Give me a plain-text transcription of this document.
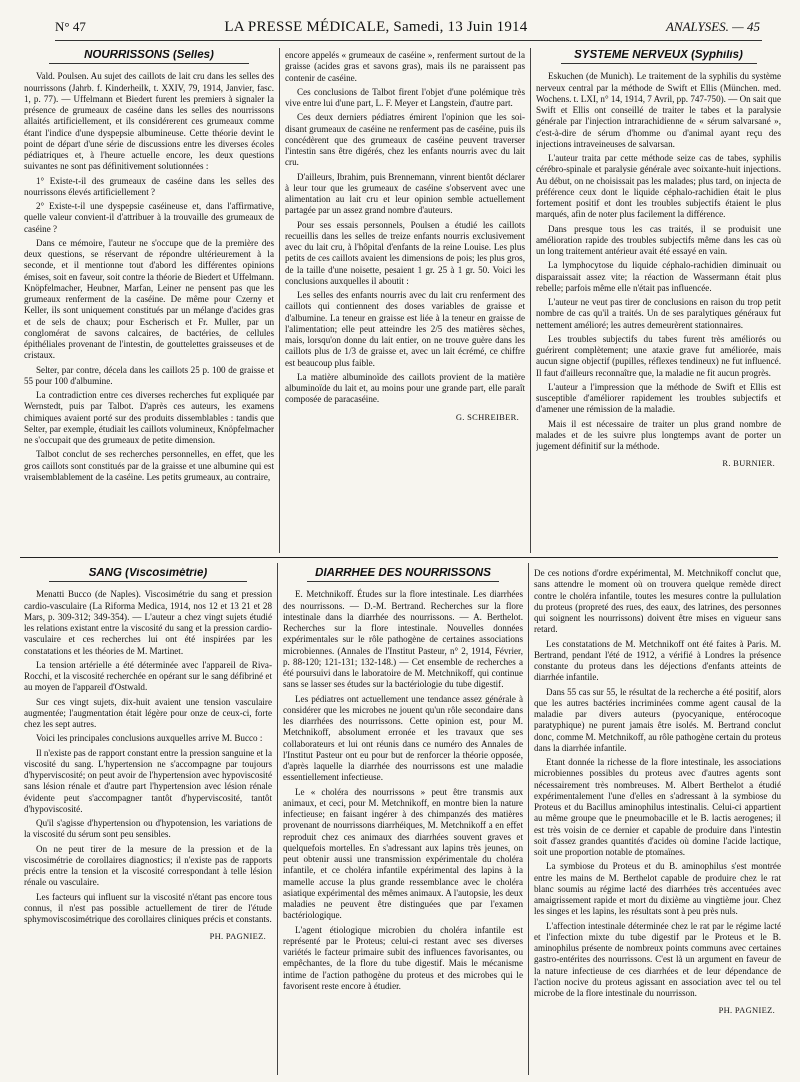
N° 47	LA PRESSE MÉDICALE, Samedi, 13 Juin 1914	ANALYSES. — 45
NOURRISSONS (Selles)

Vald. Poulsen. Au sujet des caillots de lait cru dans les selles des nourrissons (Jahrb. f. Kinderheilk, t. XXIV, 79, 1914, Janvier, fasc. 1, p. 77). — Uffelmann et Biedert furent les premiers à signaler la présence de grumeaux de caséine dans les selles des nourrissons allaités artificiellement, et ils considérerent ces grumeaux comme étant l'indice d'une dyspepsie albumineuse. Cette théorie devint le point de départ d'une série de discussions entre les diverses écoles pédiatriques et, à l'heure actuelle encore, les deux questions suivantes ne sont pas définitivement solutionnées :

1° Existe-t-il des grumeaux de caséine dans les selles des nourrissons élevés artificiellement ?

2° Existe-t-il une dyspepsie caséineuse et, dans l'affirmative, quelle valeur convient-il d'attribuer à la trouvaille des grumeaux de caséine ?

Dans ce mémoire, l'auteur ne s'occupe que de la première des deux questions, se réservant de répondre ultérieurement à la seconde, et il mentionne tout d'abord les différentes opinions émises, soit en faveur, soit contre la théorie de Biedert et Uffelmann. Knöpfelmacher, Heubner, Marfan, Leiner ne pensent pas que les grumeaux renferment de la caséine. De même pour Czerny et Keller, ils sont uniquement constitués par un mélange d'acides gras et de sels de chaux; pour Escherisch et Fr. Muller, par un conglomérat de savons calcaires, de bactéries, de cellules épithéliales provenant de l'intestin, de gouttelettes graisseuses et de cristaux.

Selter, par contre, décela dans les caillots 25 p. 100 de graisse et 55 pour 100 d'albumine.

La contradiction entre ces diverses recherches fut expliquée par Wernstedt, puis par Talbot. D'après ces auteurs, les examens chimiques avaient porté sur des produits dissemblables : tandis que Selter, par exemple, étudiait les caillots volumineux, Knöpfelmacher ne s'occupait que des grumeaux de petite dimension.

Talbot conclut de ses recherches personnelles, en effet, que les gros caillots sont constitués par de la graisse et une albumine qui est vraisemblablement de la caséine. Les petits grumeaux, au contraire,

encore appelés « grumeaux de caséine », renferment surtout de la graisse (acides gras et savons gras), mais ils ne paraissent pas contenir de caséine.

Ces conclusions de Talbot firent l'objet d'une polémique très vive entre lui d'une part, L. F. Meyer et Langstein, d'autre part.

Ces deux derniers pédiatres émirent l'opinion que les soi-disant grumeaux de caséine ne renferment pas de caséine, puis ils concédèrent que des grumeaux de caséine peuvent traverser l'intestin sans être digérés, chez les enfants nourris avec du lait cru.

D'ailleurs, Ibrahim, puis Brennemann, vinrent bientôt déclarer à leur tour que les grumeaux de caséine s'observent avec une alimentation au lait cru et leur opinion semble actuellement partagée par un assez grand nombre d'auteurs.

Pour ses essais personnels, Poulsen a étudié les caillots recueillis dans les selles de treize enfants nourris exclusivement avec du lait cru, à l'hôpital d'enfants de la reine Louise. Les plus petits de ces caillots avaient les dimensions de pois; les plus gros, de la taille d'une noisette, pesaient 1 gr. 25 à 1 gr. 50. Voici les conclusions auxquelles il aboutit :

Les selles des enfants nourris avec du lait cru renferment des caillots qui contiennent des doses variables de graisse et d'albumine. La teneur en graisse est liée à la teneur en graisse de l'alimentation; elle peut atteindre les 2/5 des matières sèches, mais, lorsqu'on donne du lait entier, on ne trouve guère dans les caillots plus de 1/3 de graisse et, avec un lait écrémé, ce chiffre est beaucoup plus faible.

La matière albuminoïde des caillots provient de la matière albuminoïde du lait et, au moins pour une grande part, elle paraît composée de paracaséine.

G. SCHREIBER.
SYSTÈME NERVEUX (Syphilis)

Eskuchen (de Munich). Le traitement de la syphilis du système nerveux central par la méthode de Swift et Ellis (München. med. Wochens. t. LXI, n° 14, 1914, 7 Avril, pp. 747-750). — On sait que Swift et Ellis ont conseillé de traiter le tabes et la paralysie générale par l'injection intrarachidienne de « sérum salvarsané », c'est-à-dire de sérum d'homme ou d'animal ayant reçu des injections intraveineuses de salvarsan.

L'auteur traita par cette méthode seize cas de tabes, syphilis cérébro-spinale et paralysie générale avec soixante-huit injections. Au début, on ne choisissait pas les malades; plus tard, on injecta de préférence ceux dont le liquide céphalo-rachidien était le plus fortement positif et dont les troubles subjectifs étaient le plus marqués, afin de noter plus facilement la différence.

Dans presque tous les cas traités, il se produisit une amélioration rapide des troubles subjectifs même dans les cas où un long traitement antérieur avait été essayé en vain.

La lymphocytose du liquide céphalo-rachidien diminuait ou disparaissait assez vite; la réaction de Wassermann était plus rebelle; parfois même elle n'était pas influencée.

L'auteur ne veut pas tirer de conclusions en raison du trop petit nombre de cas qu'il a traités. Un de ses paralytiques généraux fut nettement amélioré; les autres demeurèrent stationnaires.

Les troubles subjectifs du tabes furent très améliorés ou guérirent complètement; une ataxie grave fut améliorée, mais aucun signe objectif (pupilles, réflexes tendineux) ne fut influencé. Il faut d'ailleurs reconnaître que, la maladie ne fit aucun progrès.

L'auteur a l'impression que la méthode de Swift et Ellis est susceptible d'améliorer rapidement les troubles subjectifs et d'amener une rémission de la maladie.

Mais il est nécessaire de traiter un plus grand nombre de malades et de les suivre plus longtemps avant de porter un jugement définitif sur la méthode.

R. BURNIER.
SANG (Viscosimétrie)

Menatti Bucco (de Naples). Viscosimétrie du sang et pression cardio-vasculaire (La Riforma Medica, 1914, nos 12 et 13 21 et 28 Mars, p. 309-312; 349-354). — L'auteur a chez vingt sujets étudié les relations existant entre la viscosité du sang et la pression cardio-vasculaire et ces recherches lui ont été inspirées par les constatations et les théories de M. Martinet.

La tension artérielle a été déterminée avec l'appareil de Riva-Rocchi, et la viscosité recherchée en opérant sur le sang défibriné et au moyen de l'appareil d'Ostwald.

Sur ces vingt sujets, dix-huit avaient une tension vasculaire augmentée; l'augmentation était légère pour onze de ceux-ci, forte chez les sept autres.

Voici les principales conclusions auxquelles arrive M. Bucco :

Il n'existe pas de rapport constant entre la pression sanguine et la viscosité du sang. L'hypertension ne s'accompagne par toujours d'hyperviscosité; on peut avoir de l'hypertension avec hypoviscosité sans lésion rénale et d'autre part l'hypertension avec lésion rénale évidente peut s'accompagner tantôt d'hyperviscosité, tantôt d'hypoviscosité.

Qu'il s'agisse d'hypertension ou d'hypotension, les variations de la viscosité du sérum sont peu sensibles.

On ne peut tirer de la mesure de la pression et de la viscosimétrie de corollaires diagnostics; il n'existe pas de rapports précis entre la tension et la viscosité correspondant à telle lésion rénale ou vasculaire.

Les facteurs qui influent sur la viscosité n'étant pas encore tous connus, il n'est pas possible actuellement de tirer de l'étude sphymoviscosimétrique des corollaires cliniques précis et constants.

PH. PAGNIEZ.
DIARRHÉE DES NOURRISSONS

E. Metchnikoff. Études sur la flore intestinale. Les diarrhées des nourrissons. — D.-M. Bertrand. Recherches sur la flore intestinale dans la diarrhée des nourrissons. — A. Berthelot. Recherches sur la flore intestinale. Nouvelles données expérimentales sur le rôle pathogène de certaines associations microbiennes. (Annales de l'Institut Pasteur, n° 2, 1914, Février, p. 88-120; 121-131; 132-148.) — Cet ensemble de recherches a été poursuivi dans le laboratoire de M. Metchnikoff, qui continue sans se lasser ses études sur la bactériologie du tube digestif.

Les pédiatres ont actuellement une tendance assez générale à considérer que les microbes ne jouent qu'un rôle secondaire dans les diarrhées des nourrissons. Cette opinion est, pour M. Metchnikoff, absolument erronée et les travaux que ses collaborateurs et lui ont réunis dans ce numéro des Annales de l'Institut Pasteur ont eu pour but de renforcer la théorie opposée, d'après laquelle la diarrhée des nourrissons est une maladie essentiellement infectieuse.

Le « choléra des nourrissons » peut être transmis aux animaux, et ceci, pour M. Metchnikoff, en montre bien la nature infectieuse; en faisant ingérer à des chimpanzés des matières provenant de nourrissons diarrhéiques, M. Metchnikoff a en effet reproduit chez ces animaux des diarrhées souvent graves et quelquefois mortelles. En s'adressant aux lapins très jeunes, on peut obtenir aussi une transmission expérimentale du choléra infantile, et ce choléra infantile expérimental des lapins à la mamelle accuse la plus grande ressemblance avec le choléra asiatique expérimental des mêmes animaux. A l'autopsie, les deux maladies ne peuvent être distinguées que par l'examen bactériologique.

L'agent étiologique microbien du choléra infantile est représenté par le Proteus; celui-ci restant avec ses diverses variétés le facteur primaire subit des influences favorisantes, ou empêchantes, de la flore du tube digestif. Mais le mécanisme intime de l'action pathogène du proteus et des microbes qui le favorisent reste encore à étudier.

De ces notions d'ordre expérimental, M. Metchnikoff conclut que, sans attendre le moment où on trouvera quelque remède direct contre le choléra infantile, toutes les mesures contre la pullulation du proteus (propreté des rues, des eaux, des latrines, des personnes qui soignent les nourrissons) doivent être mises en vigueur sans retard.

Les constatations de M. Metchnikoff ont été faites à Paris. M. Bertrand, pendant l'été de 1912, a vérifié à Londres la présence constante du proteus dans les déjections d'enfants atteints de diarrhée infantile.

Dans 55 cas sur 55, le résultat de la recherche a été positif, alors que les autres bactéries incriminées comme agent causal de la maladie par divers auteurs (pyocyanique, entérocoque paratyphique) ne purent jamais être isolés. M. Bertrand conclut donc, comme M. Metchnikoff, au rôle pathogène certain du proteus dans la diarrhée infantile.

Etant donnée la richesse de la flore intestinale, les associations microbiennes possibles du proteus avec d'autres agents sont nécessairement très nombreuses. M. Albert Berthelot a étudié expérimentalement l'une d'elles en s'adressant à la symbiose du Proteus et du Bacillus aminophilus intestinalis. Celui-ci appartient au même groupe que le pneumobacille et le B. lactis aerogenes; il est très voisin de ce dernier et capable de produire dans l'intestin soit d'assez grandes quantités d'acides où domine l'acide lactique, soit une proportion notable de ptomaïnes.

La symbiose du Proteus et du B. aminophilus s'est montrée entre les mains de M. Berthelot capable de produire chez le rat blanc soumis au régime lacté des diarrhées très accentuées avec amaigrissement rapide et mort du dixième au vingtième jour. Chez les singes et les lapins, les résultats sont à peu près nuls.

L'affection intestinale déterminée chez le rat par le régime lacté et l'infection mixte du tube digestif par le Proteus et le B. aminophilus présente de nombreux points communs avec certaines gastro-entérites des nourrissons. C'est là un argument en faveur de la nature infectieuse de ces diarrhées et de leur dépendance de l'action nocive du proteus agissant en association avec tel ou tel microbe de la flore intestinale du nourrisson.

PH. PAGNIEZ.
